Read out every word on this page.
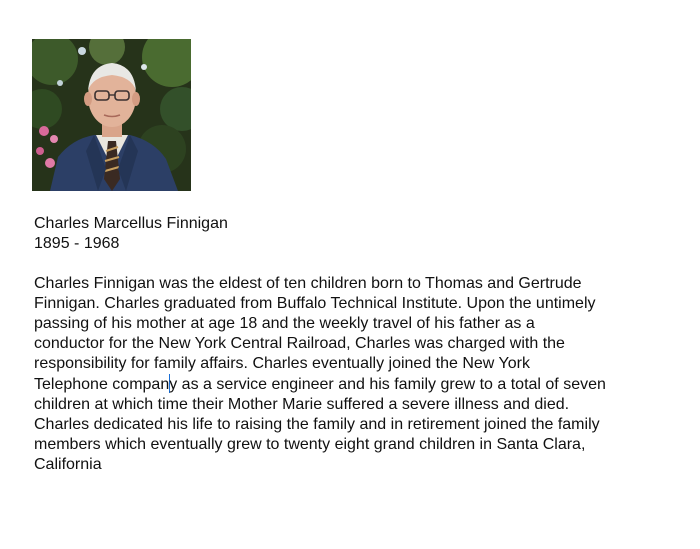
Charles Marcellus Finnigan
1895 - 1968
Charles Finnigan was the eldest of ten children born to Thomas and Gertrude
Finnigan. Charles graduated from Buffalo Technical Institute. Upon the untimely
passing of his mother at age 18 and the weekly travel of his father as a
conductor for the New York Central Railroad, Charles was charged with the
responsibility for family affairs. Charles eventually joined the New York
Telephone company as a service engineer and his family grew to a total of seven
children at which time their Mother Marie suffered a severe illness and died.
Charles dedicated his life to raising the family and in retirement joined the family
members which eventually grew to twenty eight grand children in Santa Clara,
California
